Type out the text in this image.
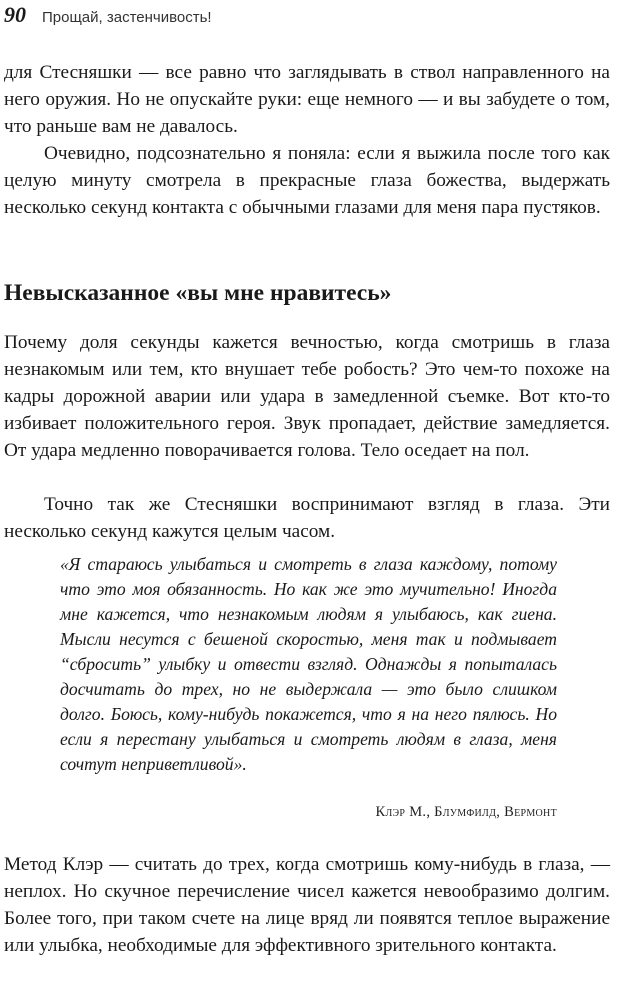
90 Прощай, застенчивость!

для Стесняшки — все равно что заглядывать в ствол направленного на него оружия. Но не опускайте руки: еще немного — и вы забудете о том, что раньше вам не давалось.

Очевидно, подсознательно я поняла: если я выжила после того как целую минуту смотрела в прекрасные глаза божества, выдержать несколько секунд контакта с обычными глазами для меня пара пустяков.

Невысказанное «вы мне нравитесь»

Почему доля секунды кажется вечностью, когда смотришь в глаза незнакомым или тем, кто внушает тебе робость? Это чем-то похоже на кадры дорожной аварии или удара в замедленной съемке. Вот кто-то избивает положительного героя. Звук пропадает, действие замедляется. От удара медленно поворачивается голова. Тело оседает на пол.

Точно так же Стесняшки воспринимают взгляд в глаза. Эти несколько секунд кажутся целым часом.

«Я стараюсь улыбаться и смотреть в глаза каждому, потому что это моя обязанность. Но как же это мучительно! Иногда мне кажется, что незнакомым людям я улыбаюсь, как гиена. Мысли несутся с бешеной скоростью, меня так и подмывает “сбросить” улыбку и отвести взгляд. Однажды я попыталась досчитать до трех, но не выдержала — это было слишком долго. Боюсь, кому-нибудь покажется, что я на него пялюсь. Но если я перестану улыбаться и смотреть людям в глаза, меня сочтут неприветливой».

Клэр М., Блумфилд, Вермонт

Метод Клэр — считать до трех, когда смотришь кому-нибудь в глаза, — неплох. Но скучное перечисление чисел кажется невообразимо долгим. Более того, при таком счете на лице вряд ли появятся теплое выражение или улыбка, необходимые для эффективного зрительного контакта.
